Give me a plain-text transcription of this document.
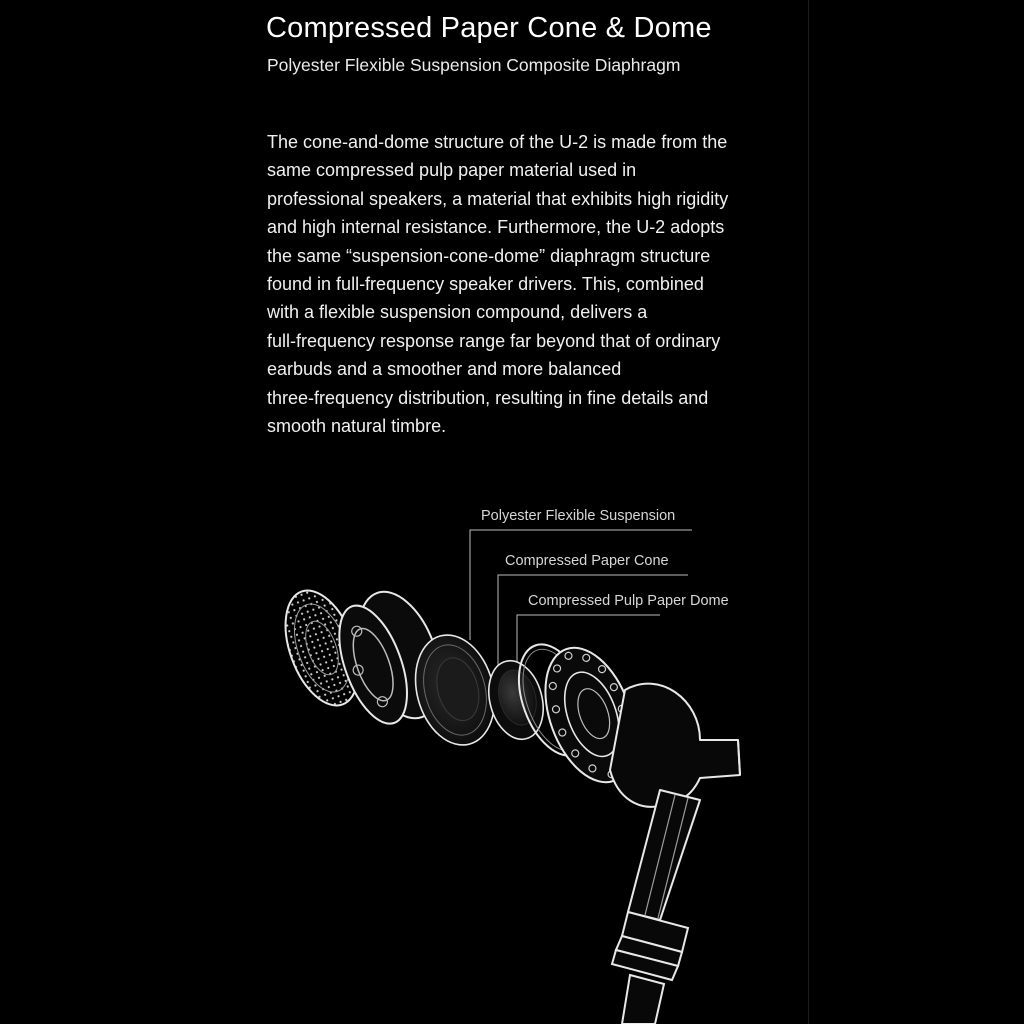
Compressed Paper Cone & Dome
Polyester Flexible Suspension Composite Diaphragm
The cone-and-dome structure of the U-2 is made from the
same compressed pulp paper material used in
professional speakers, a material that exhibits high rigidity
and high internal resistance. Furthermore, the U-2 adopts
the same “suspension-cone-dome” diaphragm structure
found in full-frequency speaker drivers. This, combined
with a flexible suspension compound, delivers a
full-frequency response range far beyond that of ordinary
earbuds and a smoother and more balanced
three-frequency distribution, resulting in fine details and
smooth natural timbre.
Polyester Flexible Suspension
Compressed Paper Cone
Compressed Pulp Paper Dome
